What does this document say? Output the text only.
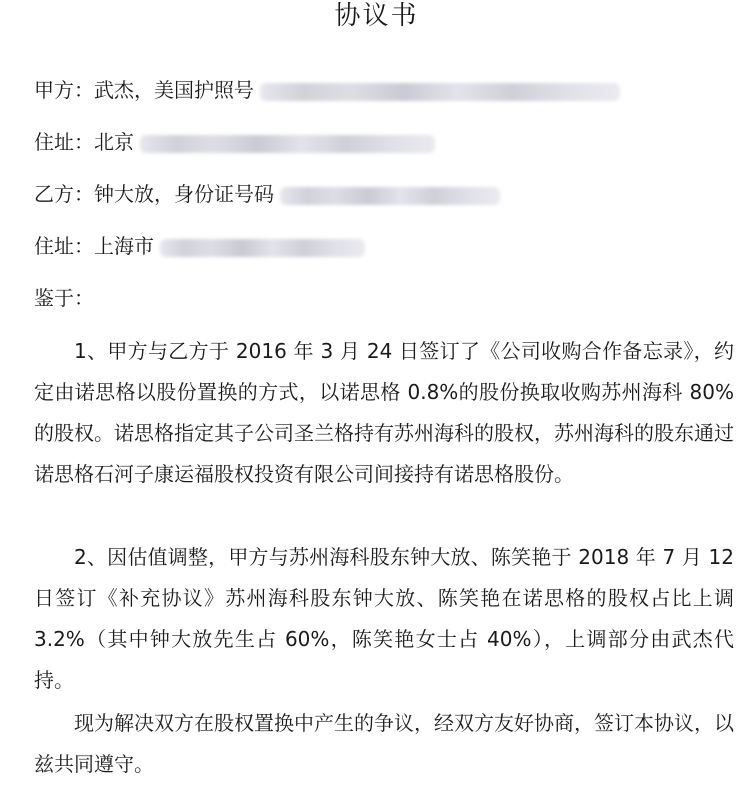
协议书
甲方：武杰，美国护照号
住址：北京
乙方：钟大放，身份证号码
住址：上海市
鉴于：
1、甲方与乙方于 2016 年 3 月 24 日签订了《公司收购合作备忘录》，约定由诺思格以股份置换的方式，以诺思格 0.8%的股份换取收购苏州海科 80%的股权。诺思格指定其子公司圣兰格持有苏州海科的股权，苏州海科的股东通过诺思格石河子康运福股权投资有限公司间接持有诺思格股份。
2、因估值调整，甲方与苏州海科股东钟大放、陈笑艳于 2018 年 7 月 12 日签订《补充协议》苏州海科股东钟大放、陈笑艳在诺思格的股权占比上调 3.2%（其中钟大放先生占 60%，陈笑艳女士占 40%），上调部分由武杰代持。
现为解决双方在股权置换中产生的争议，经双方友好协商，签订本协议，以兹共同遵守。
